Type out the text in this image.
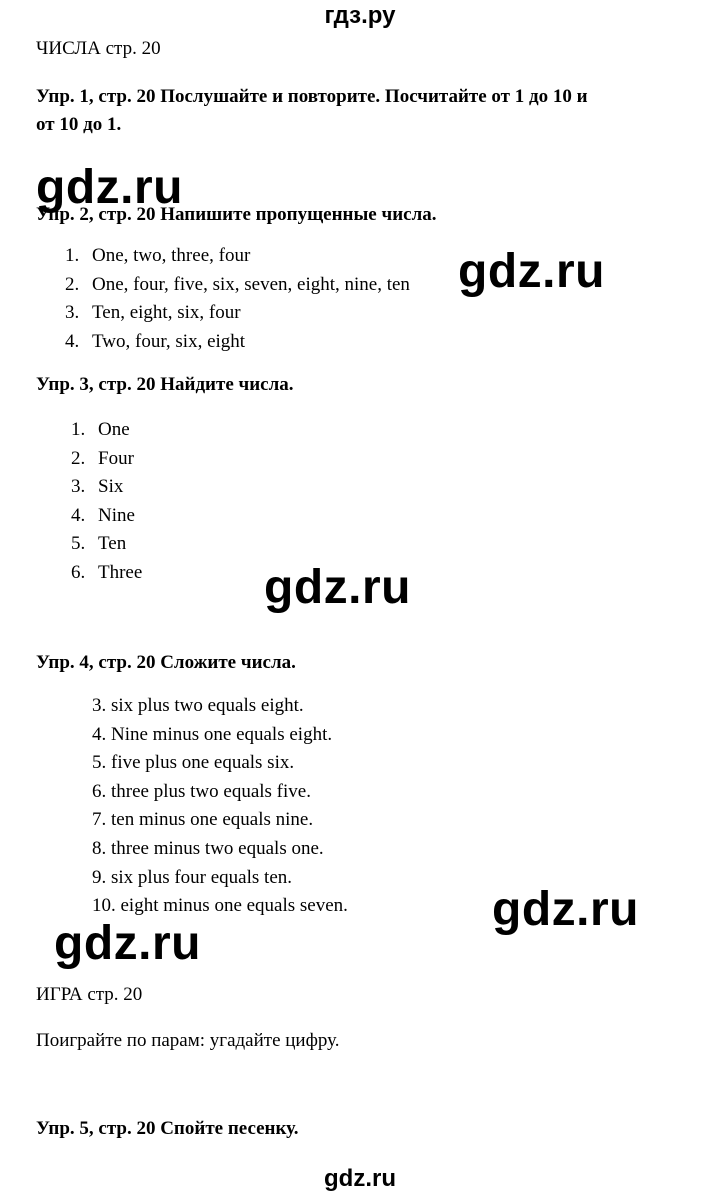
гдз.ру
gdz.ru
gdz.ru
gdz.ru
gdz.ru
gdz.ru
ЧИСЛА стр. 20
Упр. 1, стр. 20 Послушайте и повторите. Посчитайте от 1 до 10 и
от 10 до 1.
Упр. 2, стр. 20 Напишите пропущенные числа.
1. One, two, three, four
2. One, four, five, six, seven, eight, nine, ten
3. Ten, eight, six, four
4. Two, four, six, eight
Упр. 3, стр. 20 Найдите числа.
1. One
2. Four
3. Six
4. Nine
5. Ten
6. Three
Упр. 4, стр. 20 Сложите числа.
3. six plus two equals eight.
4. Nine minus one equals eight.
5. five plus one equals six.
6. three plus two equals five.
7. ten minus one equals nine.
8. three minus two equals one.
9. six plus four equals ten.
10. eight minus one equals seven.
ИГРА стр. 20
Поиграйте по парам: угадайте цифру.
Упр. 5, стр. 20 Спойте песенку.
gdz.ru
